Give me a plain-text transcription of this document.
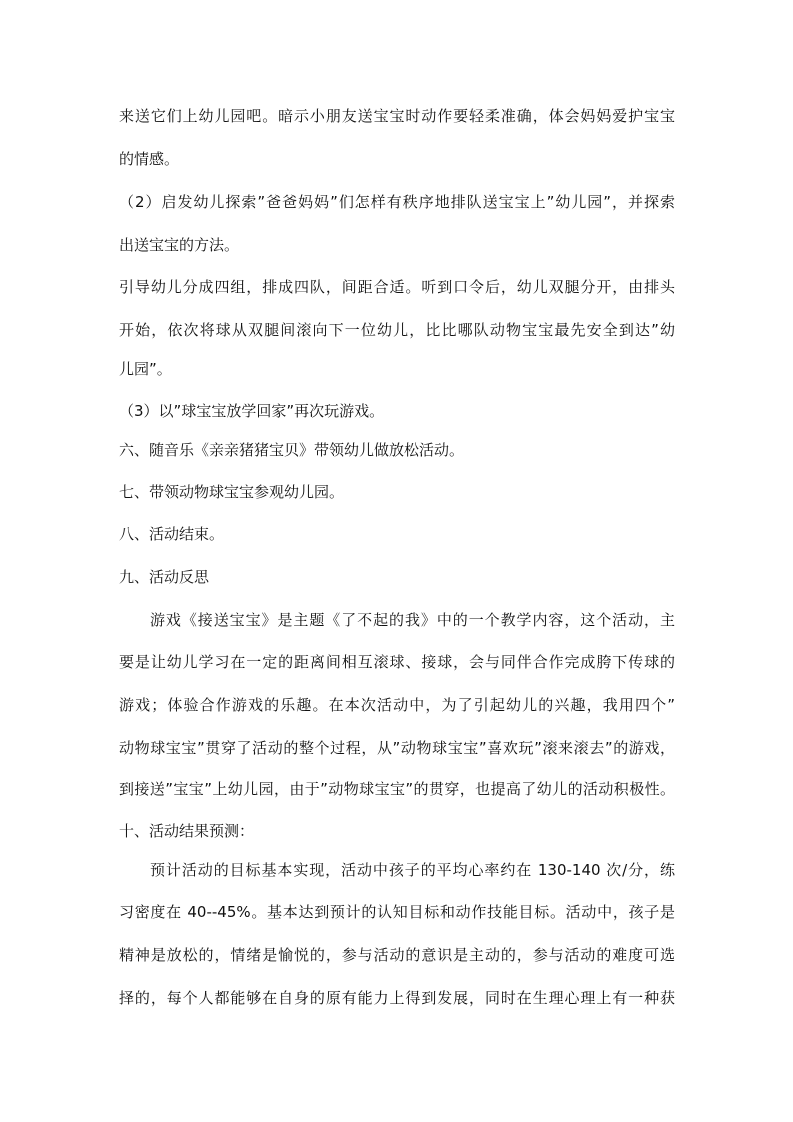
来送它们上幼儿园吧。暗示小朋友送宝宝时动作要轻柔准确，体会妈妈爱护宝宝
的情感。
（2）启发幼儿探索”爸爸妈妈”们怎样有秩序地排队送宝宝上”幼儿园”，并探索
出送宝宝的方法。
引导幼儿分成四组，排成四队，间距合适。听到口令后，幼儿双腿分开，由排头
开始，依次将球从双腿间滚向下一位幼儿，比比哪队动物宝宝最先安全到达”幼
儿园”。
（3）以”球宝宝放学回家”再次玩游戏。
六、随音乐《亲亲猪猪宝贝》带领幼儿做放松活动。
七、带领动物球宝宝参观幼儿园。
八、活动结束。
九、活动反思
游戏《接送宝宝》是主题《了不起的我》中的一个教学内容，这个活动，主
要是让幼儿学习在一定的距离间相互滚球、接球，会与同伴合作完成胯下传球的
游戏；体验合作游戏的乐趣。在本次活动中，为了引起幼儿的兴趣，我用四个”
动物球宝宝”贯穿了活动的整个过程，从”动物球宝宝”喜欢玩”滚来滚去”的游戏，
到接送”宝宝”上幼儿园，由于”动物球宝宝”的贯穿，也提高了幼儿的活动积极性。
十、活动结果预测：
预计活动的目标基本实现，活动中孩子的平均心率约在 130-140 次/分，练
习密度在 40--45%。基本达到预计的认知目标和动作技能目标。活动中，孩子是
精神是放松的，情绪是愉悦的，参与活动的意识是主动的，参与活动的难度可选
择的，每个人都能够在自身的原有能力上得到发展，同时在生理心理上有一种获
